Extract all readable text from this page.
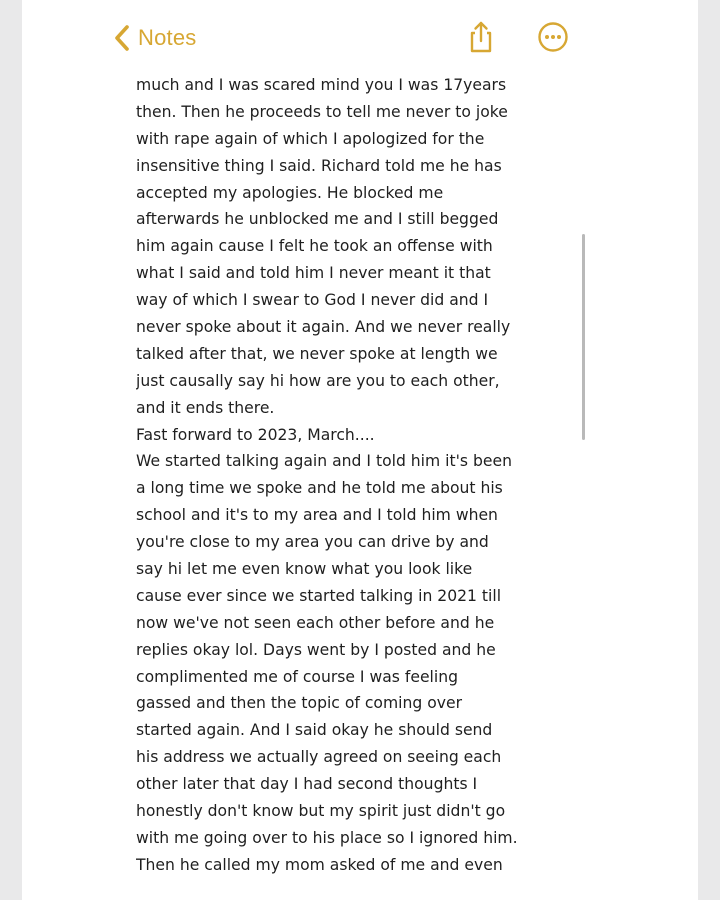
Notes
much and I was scared mind you I was 17years
then. Then he proceeds to tell me never to joke
with rape again of which I apologized for the
insensitive thing I said. Richard told me he has
accepted my apologies. He blocked me
afterwards he unblocked me and I still begged
him again cause I felt he took an offense with
what I said and told him I never meant it that
way of which I swear to God I never did and I
never spoke about it again. And we never really
talked after that, we never spoke at length we
just causally say hi how are you to each other,
and it ends there.
Fast forward to 2023, March....
We started talking again and I told him it's been
a long time we spoke and he told me about his
school and it's to my area and I told him when
you're close to my area you can drive by and
say hi let me even know what you look like
cause ever since we started talking in 2021 till
now we've not seen each other before and he
replies okay lol. Days went by I posted and he
complimented me of course I was feeling
gassed and then the topic of coming over
started again. And I said okay he should send
his address we actually agreed on seeing each
other later that day I had second thoughts I
honestly don't know but my spirit just didn't go
with me going over to his place so I ignored him.
Then he called my mom asked of me and even
